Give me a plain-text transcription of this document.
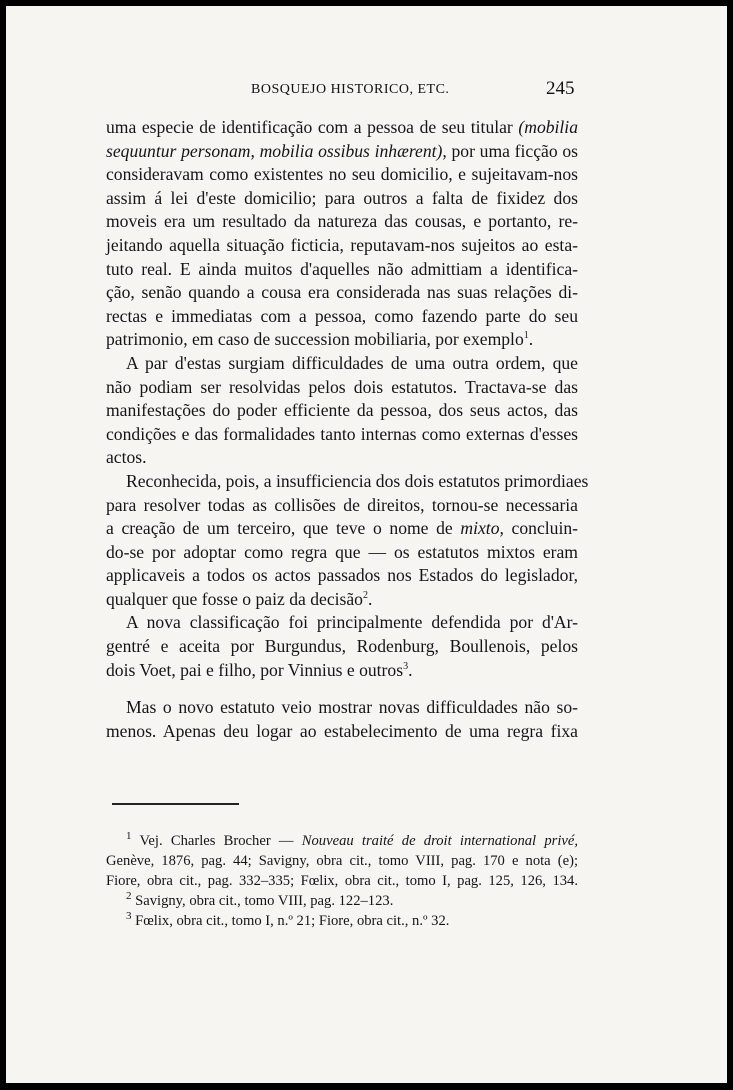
BOSQUEJO HISTORICO, ETC.	245
uma especie de identificação com a pessoa de seu titular (mobilia
sequuntur personam, mobilia ossibus inhærent), por uma ficção os
consideravam como existentes no seu domicilio, e sujeitavam-nos
assim á lei d'este domicilio; para outros a falta de fixidez dos
moveis era um resultado da natureza das cousas, e portanto, re-
jeitando aquella situação ficticia, reputavam-nos sujeitos ao esta-
tuto real. E ainda muitos d'aquelles não admittiam a identifica-
ção, senão quando a cousa era considerada nas suas relações di-
rectas e immediatas com a pessoa, como fazendo parte do seu
patrimonio, em caso de succession mobiliaria, por exemplo$^1$.
A par d'estas surgiam difficuldades de uma outra ordem, que
não podiam ser resolvidas pelos dois estatutos. Tractava-se das
manifestações do poder efficiente da pessoa, dos seus actos, das
condições e das formalidades tanto internas como externas d'esses
actos.
Reconhecida, pois, a insufficiencia dos dois estatutos primordiaes
para resolver todas as collisões de direitos, tornou-se necessaria
a creação de um terceiro, que teve o nome de mixto, concluin-
do-se por adoptar como regra que — os estatutos mixtos eram
applicaveis a todos os actos passados nos Estados do legislador,
qualquer que fosse o paiz da decisão$^2$.
A nova classificação foi principalmente defendida por d'Ar-
gentré e aceita por Burgundus, Rodenburg, Boullenois, pelos
dois Voet, pai e filho, por Vinnius e outros$^3$.
Mas o novo estatuto veio mostrar novas difficuldades não so-
menos. Apenas deu logar ao estabelecimento de uma regra fixa
$^1$ Vej. Charles Brocher — Nouveau traité de droit international privé,
Genève, 1876, pag. 44; Savigny, obra cit., tomo VIII, pag. 170 e nota (e);
Fiore, obra cit., pag. 332–335; Fœlix, obra cit., tomo I, pag. 125, 126, 134.
$^2$ Savigny, obra cit., tomo VIII, pag. 122–123.
$^3$ Fœlix, obra cit., tomo I, n.º 21; Fiore, obra cit., n.º 32.
